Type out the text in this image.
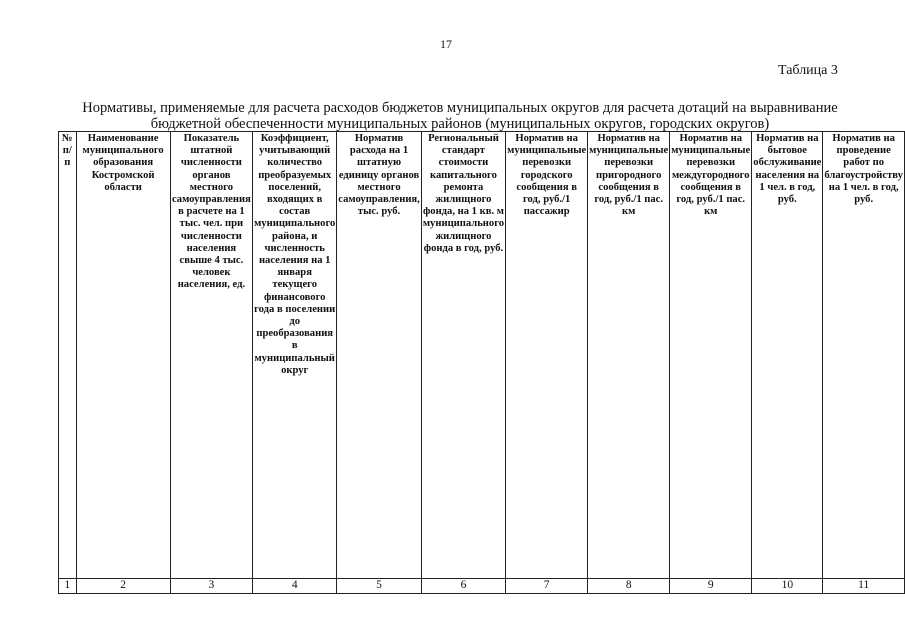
17
Таблица 3
Нормативы, применяемые для расчета расходов бюджетов муниципальных округов для расчета дотаций на выравнивание бюджетной обеспеченности муниципальных районов (муниципальных округов, городских округов)
№ п/п	Наименование муниципального образования Костромской области	Показатель штатной численности органов местного самоуправления в расчете на 1 тыс. чел. при численности населения свыше 4 тыс. человек населения, ед.	Коэффициент, учитывающий количество преобразуемых поселений, входящих в состав муниципального района, и численность населения на 1 января текущего финансового года в поселении до преобразования в муниципальный округ	Норматив расхода на 1 штатную единицу органов местного самоуправления, тыс. руб.	Региональный стандарт стоимости капитального ремонта жилищного фонда, на 1 кв. м муниципального жилищного фонда в год, руб.	Норматив на муниципальные перевозки городского сообщения в год, руб./1 пассажир	Норматив на муниципальные перевозки пригородного сообщения в год, руб./1 пас. км	Норматив на муниципальные перевозки междугородного сообщения в год, руб./1 пас. км	Норматив на бытовое обслуживание населения на 1 чел. в год, руб.	Норматив на проведение работ по благоустройству на 1 чел. в год, руб.
1	2	3	4	5	6	7	8	9	10	11
